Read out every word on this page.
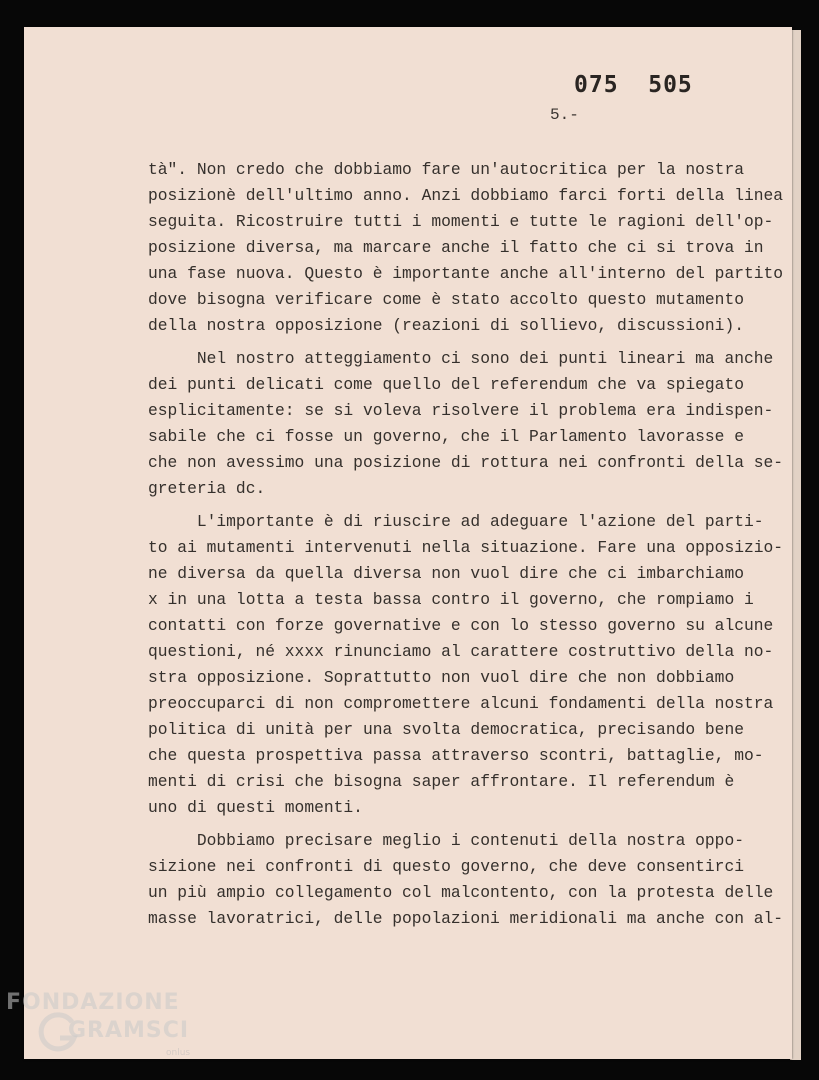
075  505
5.-
tà". Non credo che dobbiamo fare un'autocritica per la nostra
posizionè dell'ultimo anno. Anzi dobbiamo farci forti della linea
seguita. Ricostruire tutti i momenti e tutte le ragioni dell'op-
posizione diversa, ma marcare anche il fatto che ci si trova in
una fase nuova. Questo è importante anche all'interno del partito
dove bisogna verificare come è stato accolto questo mutamento
della nostra opposizione (reazioni di sollievo, discussioni).
Nel nostro atteggiamento ci sono dei punti lineari ma anche
dei punti delicati come quello del referendum che va spiegato
esplicitamente: se si voleva risolvere il problema era indispen-
sabile che ci fosse un governo, che il Parlamento lavorasse e
che non avessimo una posizione di rottura nei confronti della se-
greteria dc.
L'importante è di riuscire ad adeguare l'azione del parti-
to ai mutamenti intervenuti nella situazione. Fare una opposizio-
ne diversa da quella diversa non vuol dire che ci imbarchiamo
x in una lotta a testa bassa contro il governo, che rompiamo i
contatti con forze governative e con lo stesso governo su alcune
questioni, né xxxx rinunciamo al carattere costruttivo della no-
stra opposizione. Soprattutto non vuol dire che non dobbiamo
preoccuparci di non compromettere alcuni fondamenti della nostra
politica di unità per una svolta democratica, precisando bene
che questa prospettiva passa attraverso scontri, battaglie, mo-
menti di crisi che bisogna saper affrontare. Il referendum è
uno di questi momenti.
Dobbiamo precisare meglio i contenuti della nostra oppo-
sizione nei confronti di questo governo, che deve consentirci
un più ampio collegamento col malcontento, con la protesta delle
masse lavoratrici, delle popolazioni meridionali ma anche con al-
FONDAZIONE
GRAMSCI
onlus
